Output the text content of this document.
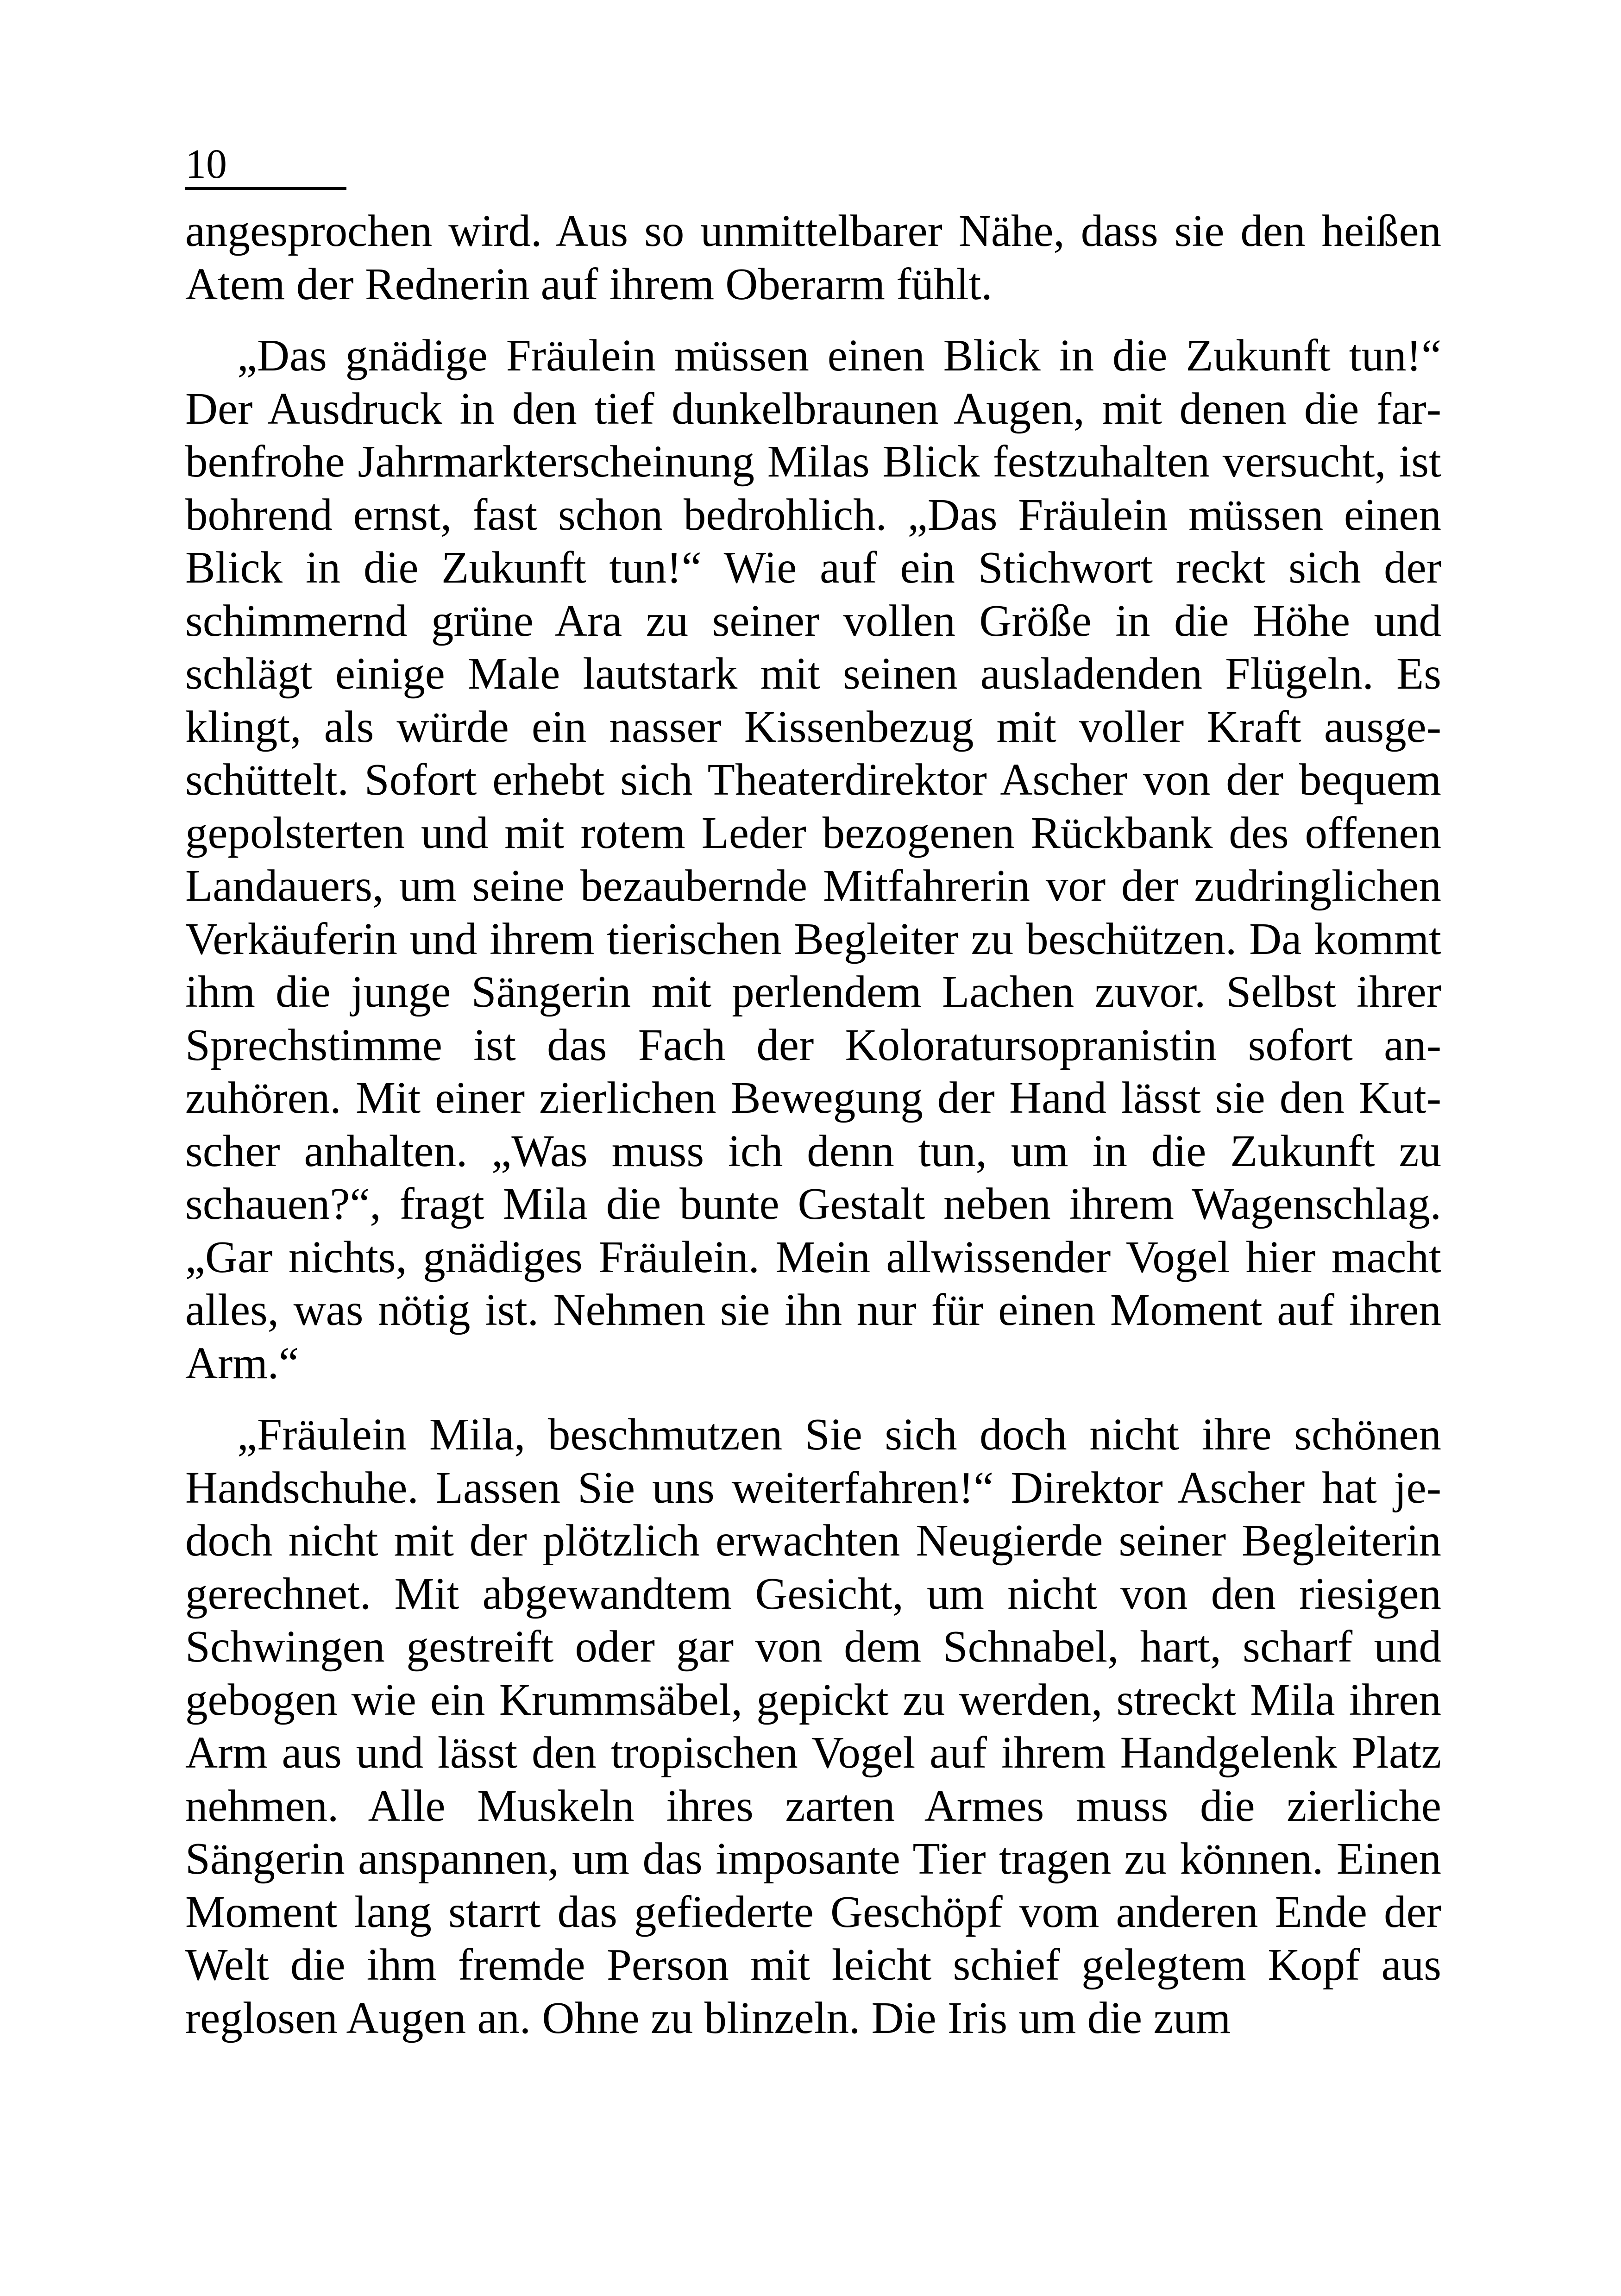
10

angesprochen wird. Aus so unmittelbarer Nähe, dass sie den heißen Atem der Rednerin auf ihrem Oberarm fühlt.

„Das gnädige Fräulein müssen einen Blick in die Zukunft tun!“ Der Ausdruck in den tief dunkelbraunen Augen, mit denen die farbenfrohe Jahrmarkterscheinung Milas Blick festzuhalten versucht, ist bohrend ernst, fast schon bedrohlich. „Das Fräulein müssen einen Blick in die Zukunft tun!“ Wie auf ein Stichwort reckt sich der schimmernd grüne Ara zu seiner vollen Größe in die Höhe und schlägt einige Male lautstark mit seinen ausladenden Flügeln. Es klingt, als würde ein nasser Kissenbezug mit voller Kraft ausgeschüttelt. Sofort erhebt sich Theaterdirektor Ascher von der bequem gepolsterten und mit rotem Leder bezogenen Rückbank des offenen Landauers, um seine bezaubernde Mitfahrerin vor der zudringlichen Verkäuferin und ihrem tierischen Begleiter zu beschützen. Da kommt ihm die junge Sängerin mit perlendem Lachen zuvor. Selbst ihrer Sprechstimme ist das Fach der Koloratursopranistin sofort anzuhören. Mit einer zierlichen Bewegung der Hand lässt sie den Kutscher anhalten. „Was muss ich denn tun, um in die Zukunft zu schauen?“, fragt Mila die bunte Gestalt neben ihrem Wagenschlag. „Gar nichts, gnädiges Fräulein. Mein allwissender Vogel hier macht alles, was nötig ist. Nehmen sie ihn nur für einen Moment auf ihren Arm.“

„Fräulein Mila, beschmutzen Sie sich doch nicht ihre schönen Handschuhe. Lassen Sie uns weiterfahren!“ Direktor Ascher hat jedoch nicht mit der plötzlich erwachten Neugierde seiner Begleiterin gerechnet. Mit abgewandtem Gesicht, um nicht von den riesigen Schwingen gestreift oder gar von dem Schnabel, hart, scharf und gebogen wie ein Krummsäbel, gepickt zu werden, streckt Mila ihren Arm aus und lässt den tropischen Vogel auf ihrem Handgelenk Platz nehmen. Alle Muskeln ihres zarten Armes muss die zierliche Sängerin anspannen, um das imposante Tier tragen zu können. Einen Moment lang starrt das gefiederte Geschöpf vom anderen Ende der Welt die ihm fremde Person mit leicht schief gelegtem Kopf aus reglosen Augen an. Ohne zu blinzeln. Die Iris um die zum
